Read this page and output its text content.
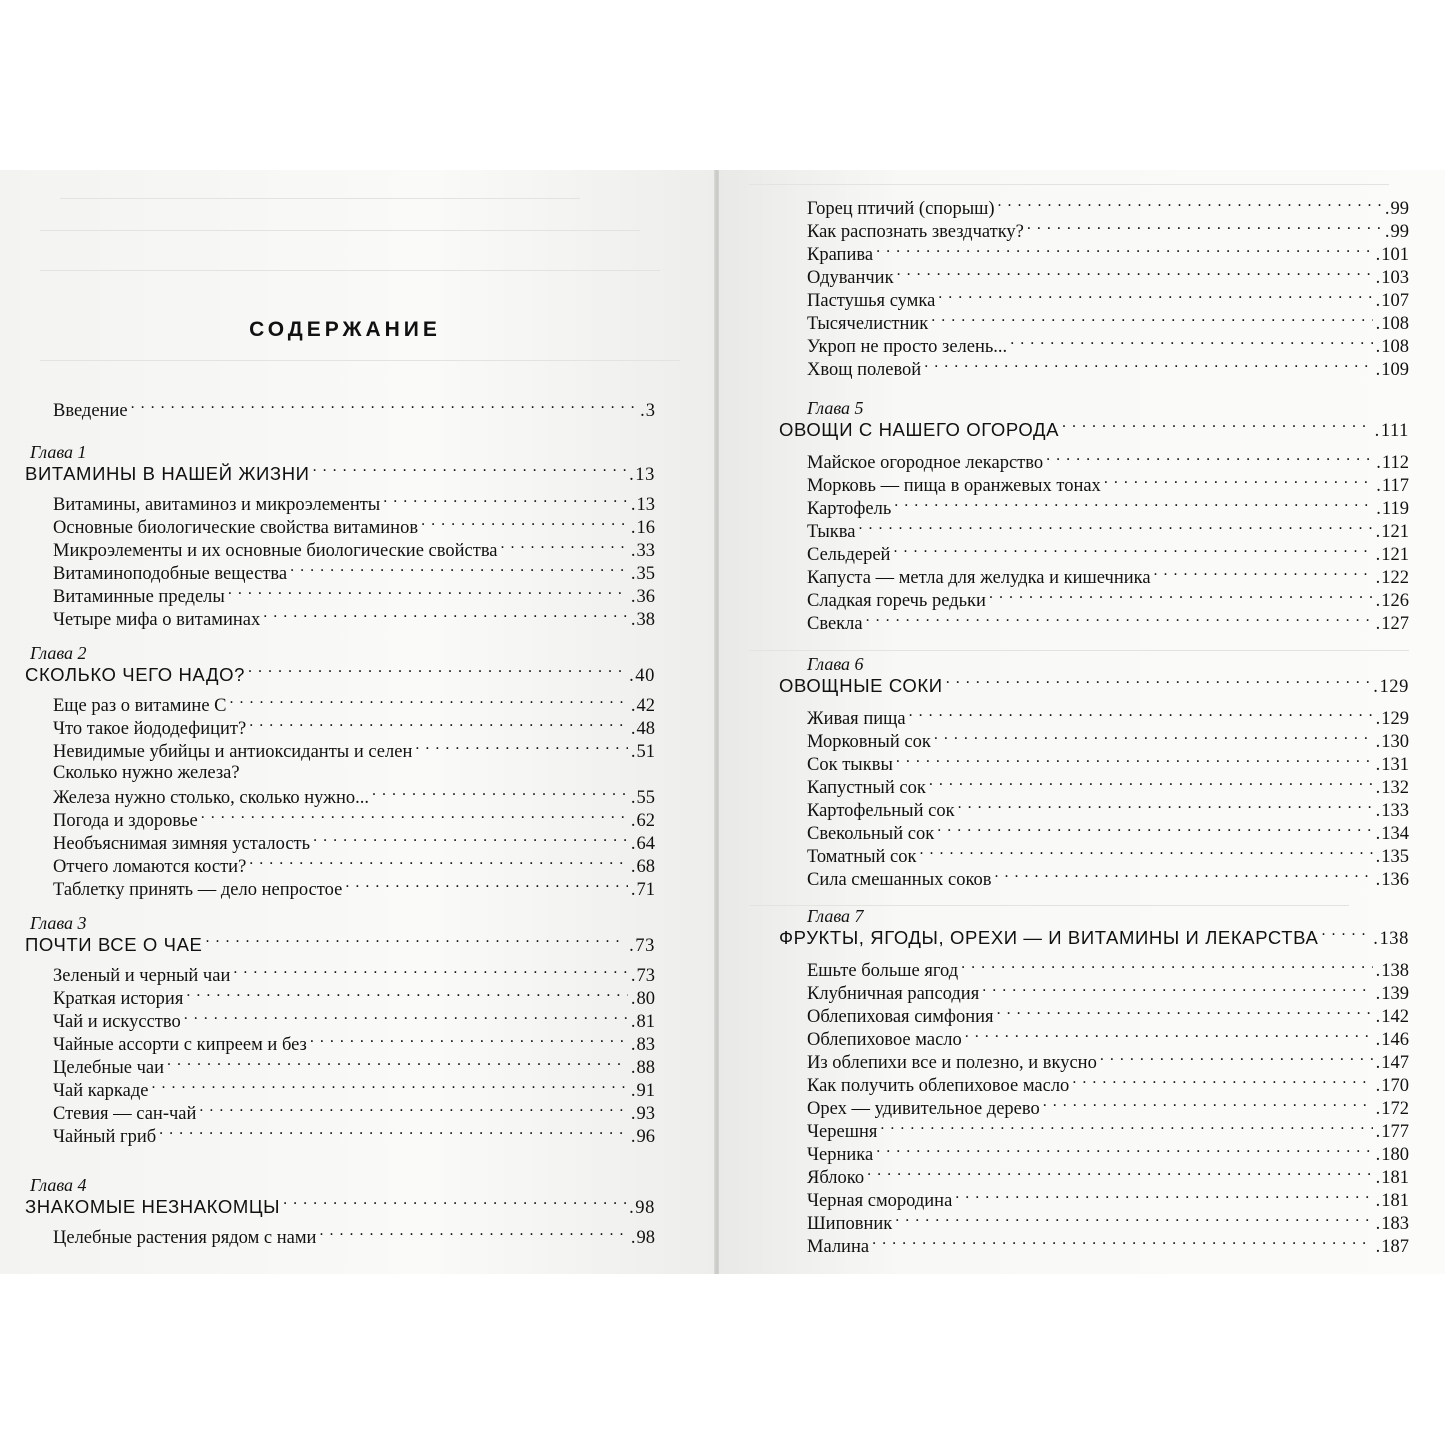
СОДЕРЖАНИЕ
Введение . . .	. 3
Глава 1
ВИТАМИНЫ В НАШЕЙ ЖИЗНИ . . .	. 13
Витамины, авитаминоз и микроэлементы . . .	. 13
Основные биологические свойства витаминов . . .	. 16
Микроэлементы и их основные биологические свойства . . .	. 33
Витаминоподобные вещества . . .	. 35
Витаминные пределы . . .	. 36
Четыре мифа о витаминах . . .	. 38
Глава 2
СКОЛЬКО ЧЕГО НАДО? . . .	. 40
Еще раз о витамине С . . .	. 42
Что такое йододефицит? . . .	. 48
Невидимые убийцы и антиоксиданты и селен . . .	. 51
Сколько нужно железа?
Железа нужно столько, сколько нужно... . . .	. 55
Погода и здоровье . . .	. 62
Необъяснимая зимняя усталость . . .	. 64
Отчего ломаются кости? . . .	. 68
Таблетку принять — дело непростое . . .	. 71
Глава 3
ПОЧТИ ВСЕ О ЧАЕ . . .	. 73
Зеленый и черный чаи . . .	. 73
Краткая история . . .	. 80
Чай и искусство . . .	. 81
Чайные ассорти с кипреем и без . . .	. 83
Целебные чаи . . .	. 88
Чай каркаде . . .	. 91
Стевия — сан-чай . . .	. 93
Чайный гриб . . .	. 96
Глава 4
ЗНАКОМЫЕ НЕЗНАКОМЦЫ . . .	. 98
Целебные растения рядом с нами . . .	. 98
Горец птичий (спорыш) . . .	. 99
Как распознать звездчатку? . . .	. 99
Крапива . . .	. 101
Одуванчик . . .	. 103
Пастушья сумка . . .	. 107
Тысячелистник . . .	. 108
Укроп не просто зелень... . . .	. 108
Хвощ полевой . . .	. 109
Глава 5
ОВОЩИ С НАШЕГО ОГОРОДА . . .	. 111
Майское огородное лекарство . . .	. 112
Морковь — пища в оранжевых тонах . . .	. 117
Картофель . . .	. 119
Тыква . . .	. 121
Сельдерей . . .	. 121
Капуста — метла для желудка и кишечника . . .	. 122
Сладкая горечь редьки . . .	. 126
Свекла . . .	. 127
Глава 6
ОВОЩНЫЕ СОКИ . . .	. 129
Живая пища . . .	. 129
Морковный сок . . .	. 130
Сок тыквы . . .	. 131
Капустный сок . . .	. 132
Картофельный сок . . .	. 133
Свекольный сок . . .	. 134
Томатный сок . . .	. 135
Сила смешанных соков . . .	. 136
Глава 7
ФРУКТЫ, ЯГОДЫ, ОРЕХИ — И ВИТАМИНЫ И ЛЕКАРСТВА . . .	. 138
Ешьте больше ягод . . .	. 138
Клубничная рапсодия . . .	. 139
Облепиховая симфония . . .	. 142
Облепиховое масло . . .	. 146
Из облепихи все и полезно, и вкусно . . .	. 147
Как получить облепиховое масло . . .	. 170
Орех — удивительное дерево . . .	. 172
Черешня . . .	. 177
Черника . . .	. 180
Яблоко . . .	. 181
Черная смородина . . .	. 181
Шиповник . . .	. 183
Малина . . .	. 187
